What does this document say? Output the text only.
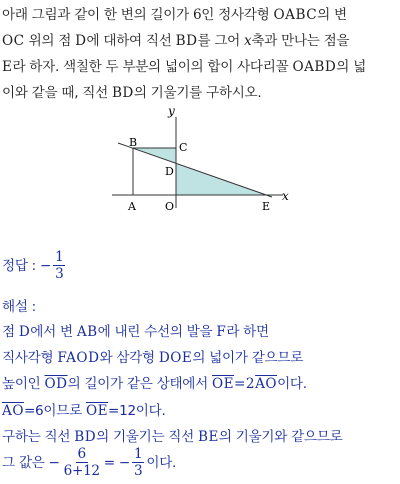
아래 그림과 같이 한 변의 길이가 6인 정사각형 OABC의 변

OC 위의 점 D에 대하여 직선 BD를 그어 x축과 만나는 점을

E라 하자. 색칠한 두 부분의 넓이의 합이 사다리꼴 OABD의 넓

이와 같을 때, 직선 BD의 기울기를 구하시오.

y
x
B	C
D
A	O	E
정답 : − $\frac{1}{3}$
해설 :
점 D에서 변 AB에 내린 수선의 발을 F라 하면
직사각형 FAOD와 삼각형 DOE의 넓이가 같으므로
높이인 $\overline{OD}$의 길이가 같은 상태에서 $\overline{OE}=2\overline{AO}$이다.
$\overline{AO}=6$이므로 $\overline{OE}=12$이다.
구하는 직선 BD의 기울기는 직선 BE의 기울기와 같으므로
그 값은 − $\frac{6}{6+12}$ = − $\frac{1}{3}$ 이다.
